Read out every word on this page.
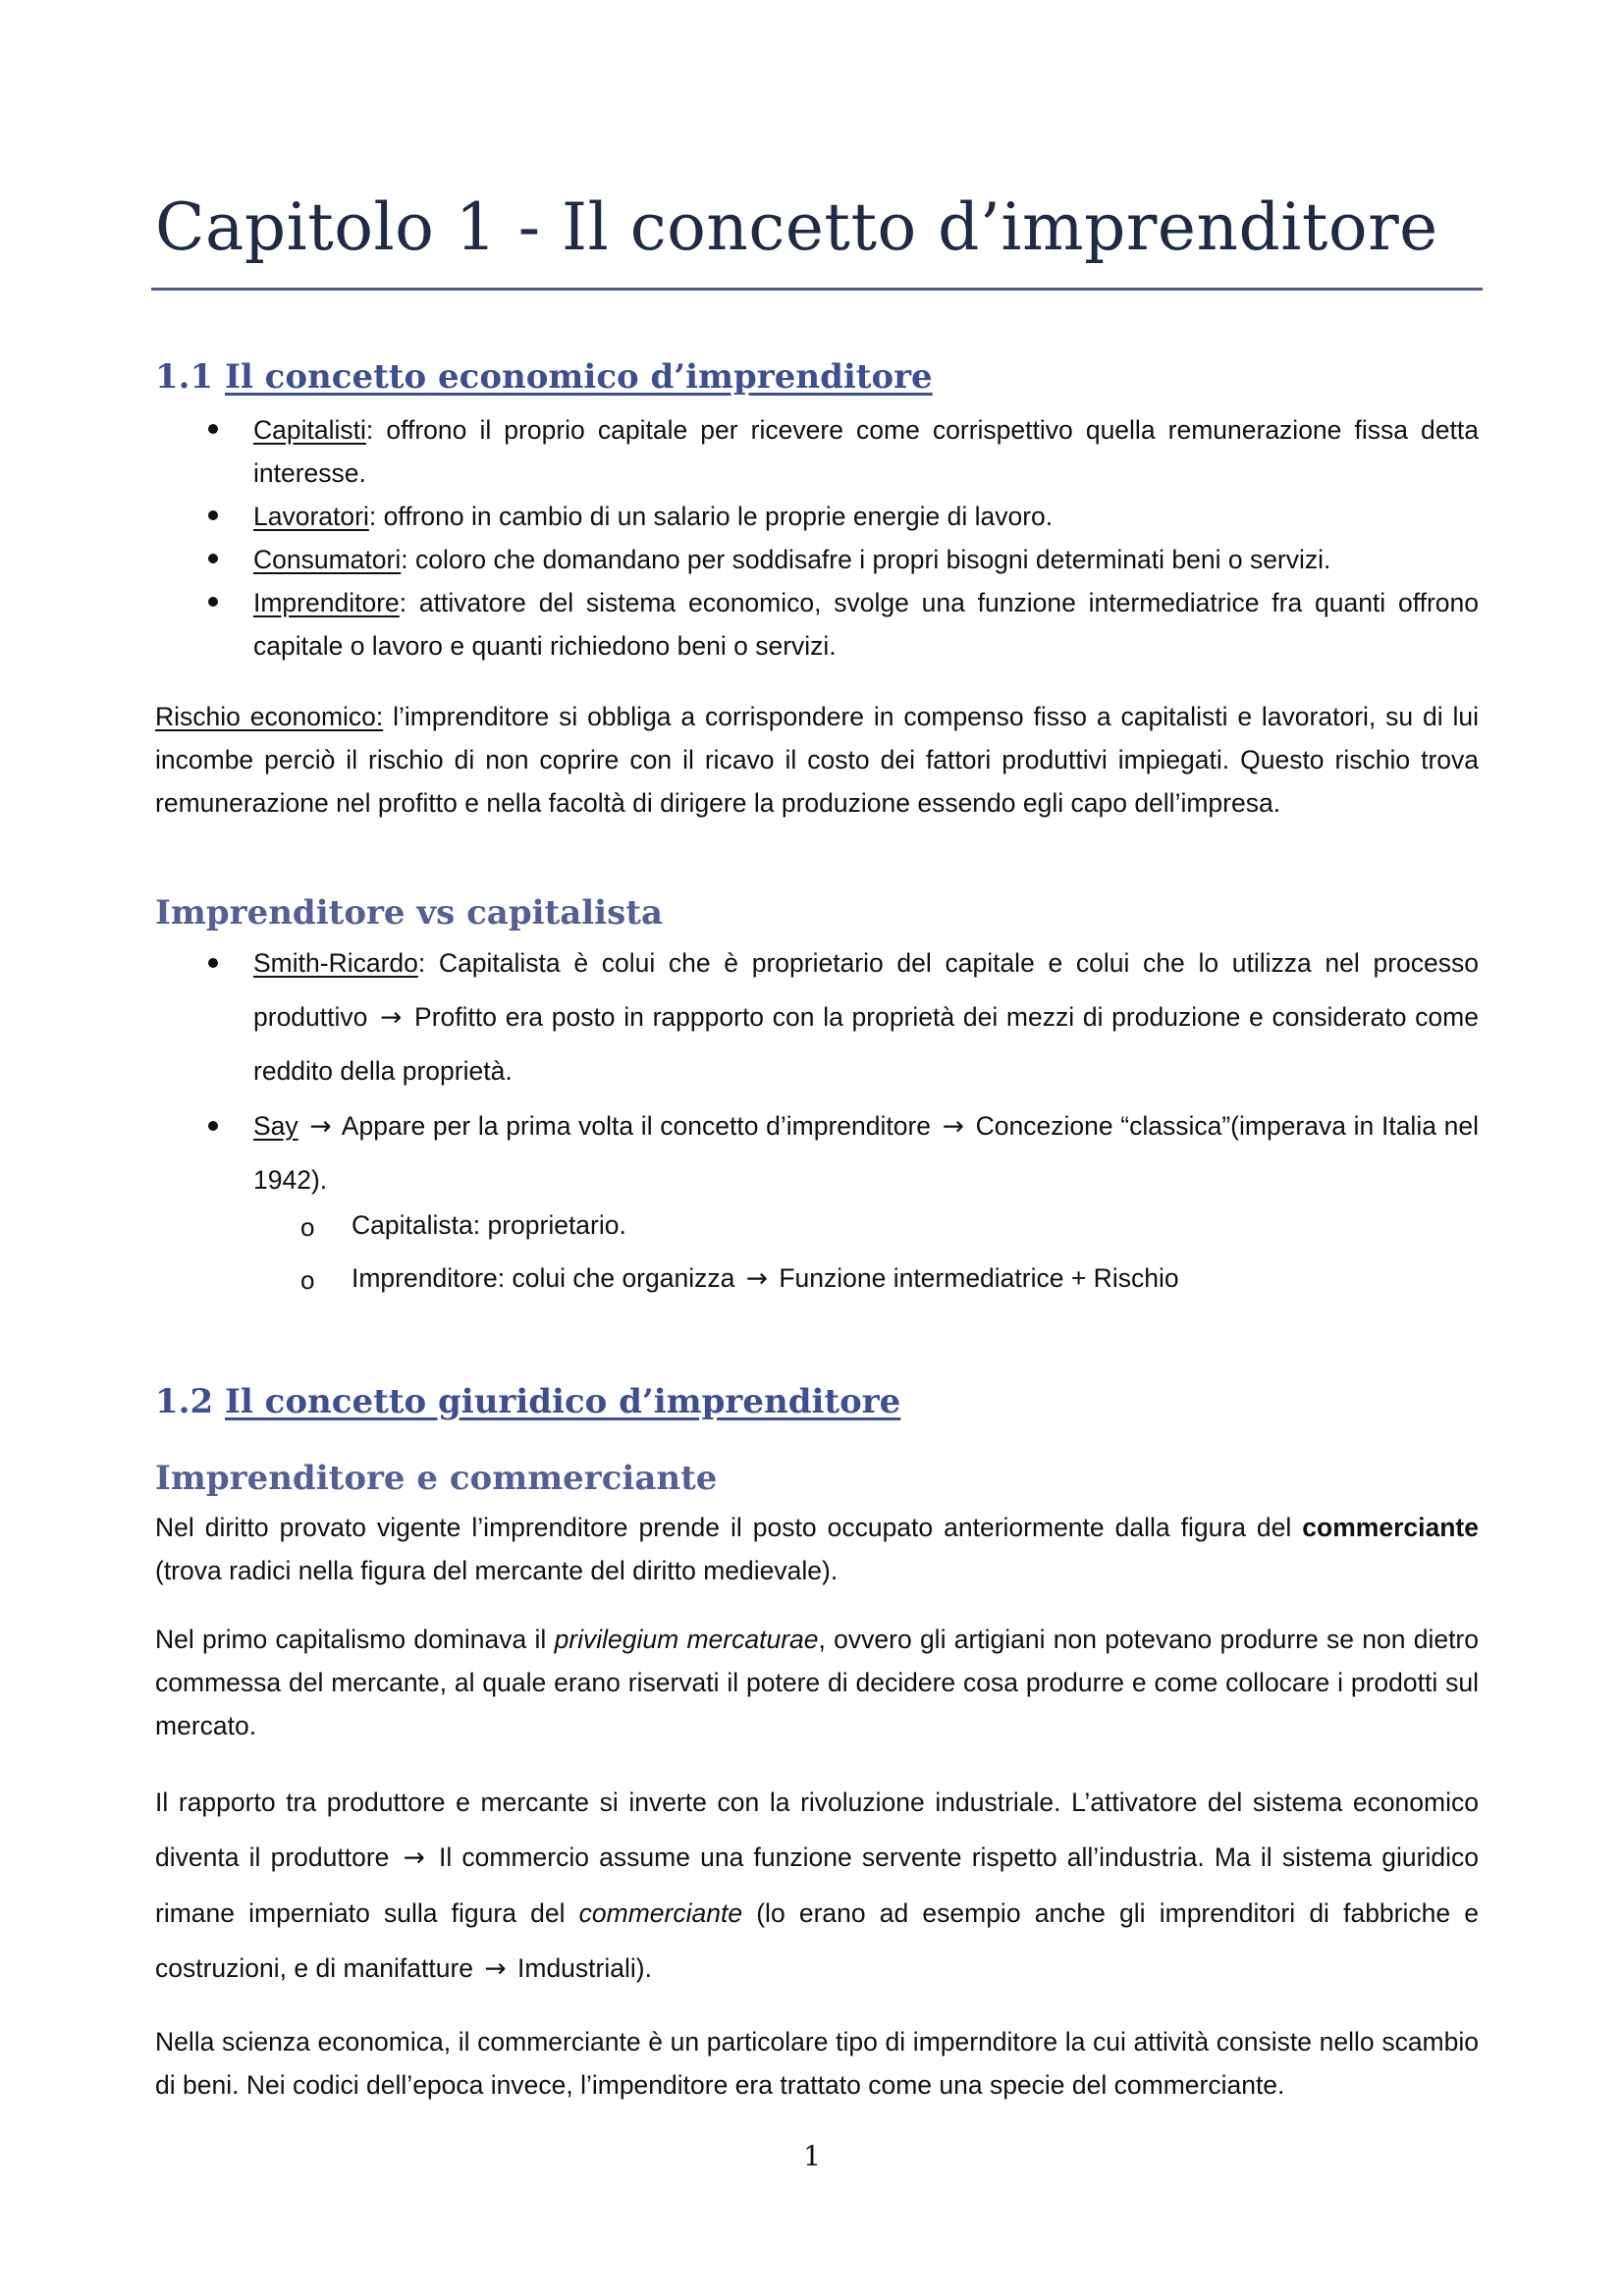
Capitolo 1 - Il concetto d’imprenditore
1.1 Il concetto economico d’imprenditore

Capitalisti: offrono il proprio capitale per ricevere come corrispettivo quella remunerazione fissa detta interesse.

Lavoratori: offrono in cambio di un salario le proprie energie di lavoro.

Consumatori: coloro che domandano per soddisafre i propri bisogni determinati beni o servizi.

Imprenditore: attivatore del sistema economico, svolge una funzione intermediatrice fra quanti offrono capitale o lavoro e quanti richiedono beni o servizi.

Rischio economico: l’imprenditore si obbliga a corrispondere in compenso fisso a capitalisti e lavoratori, su di lui incombe perciò il rischio di non coprire con il ricavo il costo dei fattori produttivi impiegati. Questo rischio trova remunerazione nel profitto e nella facoltà di dirigere la produzione essendo egli capo dell’impresa.

Imprenditore vs capitalista

Smith-Ricardo: Capitalista è colui che è proprietario del capitale e colui che lo utilizza nel processo produttivo → Profitto era posto in rappporto con la proprietà dei mezzi di produzione e considerato come reddito della proprietà.

Say → Appare per la prima volta il concetto d’imprenditore → Concezione “classica”(imperava in Italia nel 1942).

o Capitalista: proprietario.

o Imprenditore: colui che organizza → Funzione intermediatrice + Rischio

1.2 Il concetto giuridico d’imprenditore
Imprenditore e commerciante

Nel diritto provato vigente l’imprenditore prende il posto occupato anteriormente dalla figura del commerciante (trova radici nella figura del mercante del diritto medievale).

Nel primo capitalismo dominava il privilegium mercaturae, ovvero gli artigiani non potevano produrre se non dietro commessa del mercante, al quale erano riservati il potere di decidere cosa produrre e come collocare i prodotti sul mercato.

Il rapporto tra produttore e mercante si inverte con la rivoluzione industriale. L’attivatore del sistema economico diventa il produttore → Il commercio assume una funzione servente rispetto all’industria. Ma il sistema giuridico rimane imperniato sulla figura del commerciante (lo erano ad esempio anche gli imprenditori di fabbriche e costruzioni, e di manifatture → Imdustriali).

Nella scienza economica, il commerciante è un particolare tipo di impernditore la cui attività consiste nello scambio di beni. Nei codici dell’epoca invece, l’impenditore era trattato come una specie del commerciante.

1
